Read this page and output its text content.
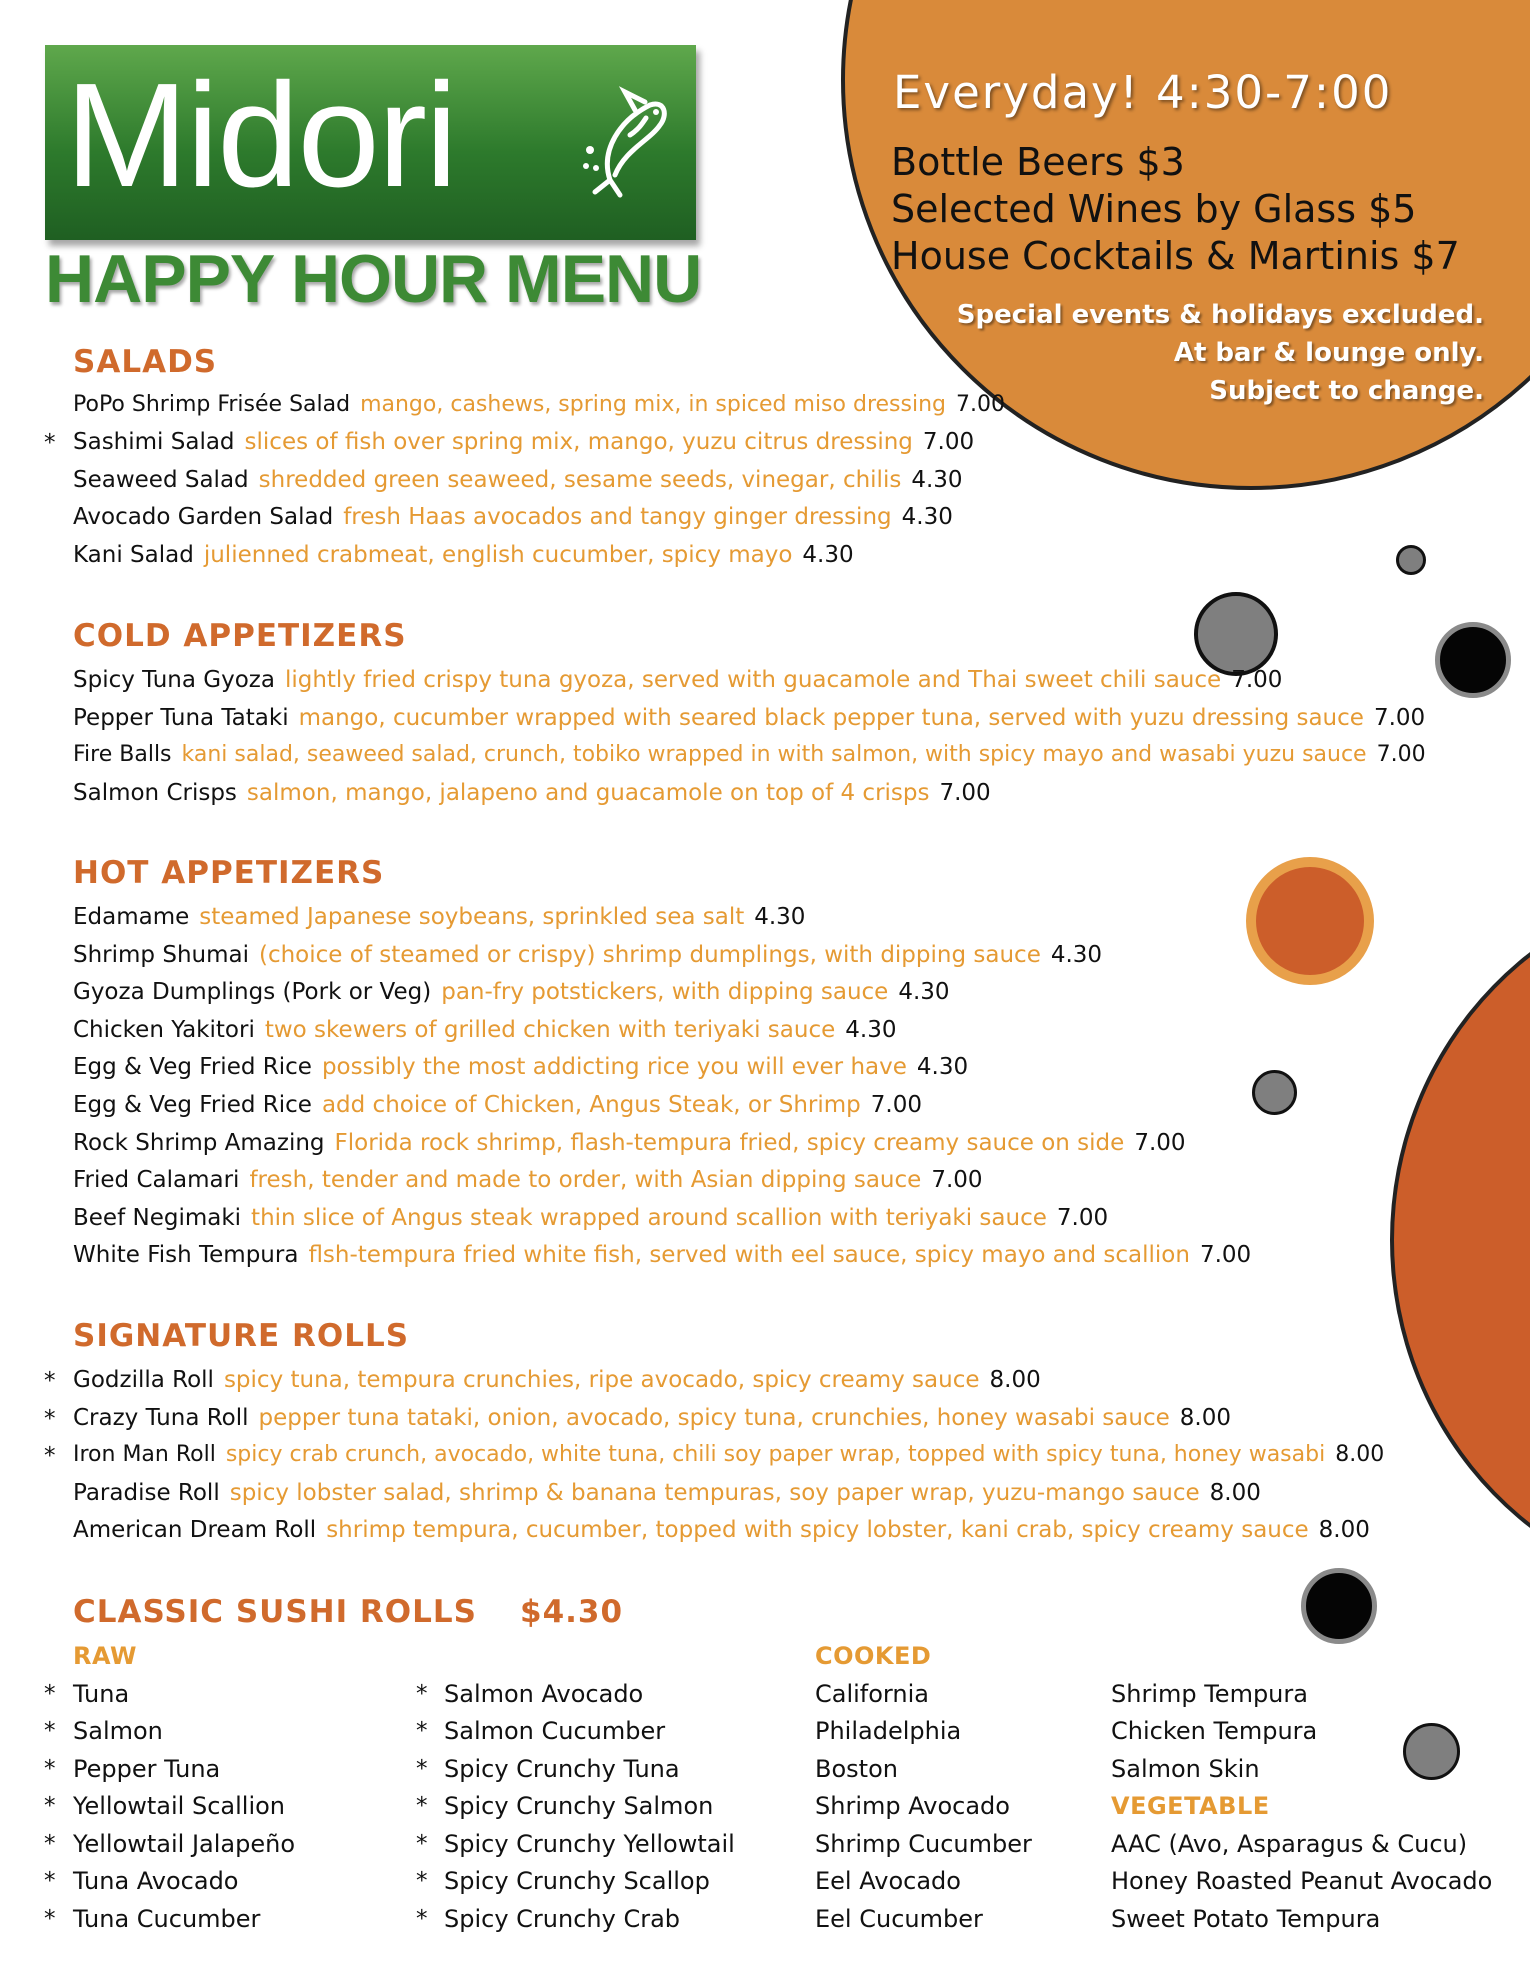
Midori
HAPPY HOUR MENU
Everyday! 4:30-7:00
Bottle Beers $3
Selected Wines by Glass $5
House Cocktails & Martinis $7
Special events & holidays excluded.
At bar & lounge only.
Subject to change.
SALADS
PoPo Shrimp Frisée Salad mango, cashews, spring mix, in spiced miso dressing 7.00
* Sashimi Salad slices of fish over spring mix, mango, yuzu citrus dressing 7.00
Seaweed Salad shredded green seaweed, sesame seeds, vinegar, chilis 4.30
Avocado Garden Salad fresh Haas avocados and tangy ginger dressing 4.30
Kani Salad julienned crabmeat, english cucumber, spicy mayo 4.30
COLD APPETIZERS
Spicy Tuna Gyoza lightly fried crispy tuna gyoza, served with guacamole and Thai sweet chili sauce 7.00
Pepper Tuna Tataki mango, cucumber wrapped with seared black pepper tuna, served with yuzu dressing sauce 7.00
Fire Balls kani salad, seaweed salad, crunch, tobiko wrapped in with salmon, with spicy mayo and wasabi yuzu sauce 7.00
Salmon Crisps salmon, mango, jalapeno and guacamole on top of 4 crisps 7.00
HOT APPETIZERS
Edamame steamed Japanese soybeans, sprinkled sea salt 4.30
Shrimp Shumai (choice of steamed or crispy) shrimp dumplings, with dipping sauce 4.30
Gyoza Dumplings (Pork or Veg) pan-fry potstickers, with dipping sauce 4.30
Chicken Yakitori two skewers of grilled chicken with teriyaki sauce 4.30
Egg & Veg Fried Rice possibly the most addicting rice you will ever have 4.30
Egg & Veg Fried Rice add choice of Chicken, Angus Steak, or Shrimp 7.00
Rock Shrimp Amazing Florida rock shrimp, flash-tempura fried, spicy creamy sauce on side 7.00
Fried Calamari fresh, tender and made to order, with Asian dipping sauce 7.00
Beef Negimaki thin slice of Angus steak wrapped around scallion with teriyaki sauce 7.00
White Fish Tempura flsh-tempura fried white fish, served with eel sauce, spicy mayo and scallion 7.00
SIGNATURE ROLLS
* Godzilla Roll spicy tuna, tempura crunchies, ripe avocado, spicy creamy sauce 8.00
* Crazy Tuna Roll pepper tuna tataki, onion, avocado, spicy tuna, crunchies, honey wasabi sauce 8.00
* Iron Man Roll spicy crab crunch, avocado, white tuna, chili soy paper wrap, topped with spicy tuna, honey wasabi 8.00
Paradise Roll spicy lobster salad, shrimp & banana tempuras, soy paper wrap, yuzu-mango sauce 8.00
American Dream Roll shrimp tempura, cucumber, topped with spicy lobster, kani crab, spicy creamy sauce 8.00
CLASSIC SUSHI ROLLS $4.30
RAW	COOKED
*
*
*
*
*
*
*
Tuna
Salmon
Pepper Tuna
Yellowtail Scallion
Yellowtail Jalapeño
Tuna Avocado
Tuna Cucumber
*
*
*
*
*
*
*
Salmon Avocado
Salmon Cucumber
Spicy Crunchy Tuna
Spicy Crunchy Salmon
Spicy Crunchy Yellowtail
Spicy Crunchy Scallop
Spicy Crunchy Crab
California
Philadelphia
Boston
Shrimp Avocado
Shrimp Cucumber
Eel Avocado
Eel Cucumber
Shrimp Tempura
Chicken Tempura
Salmon Skin
VEGETABLE
AAC (Avo, Asparagus & Cucu)
Honey Roasted Peanut Avocado
Sweet Potato Tempura
